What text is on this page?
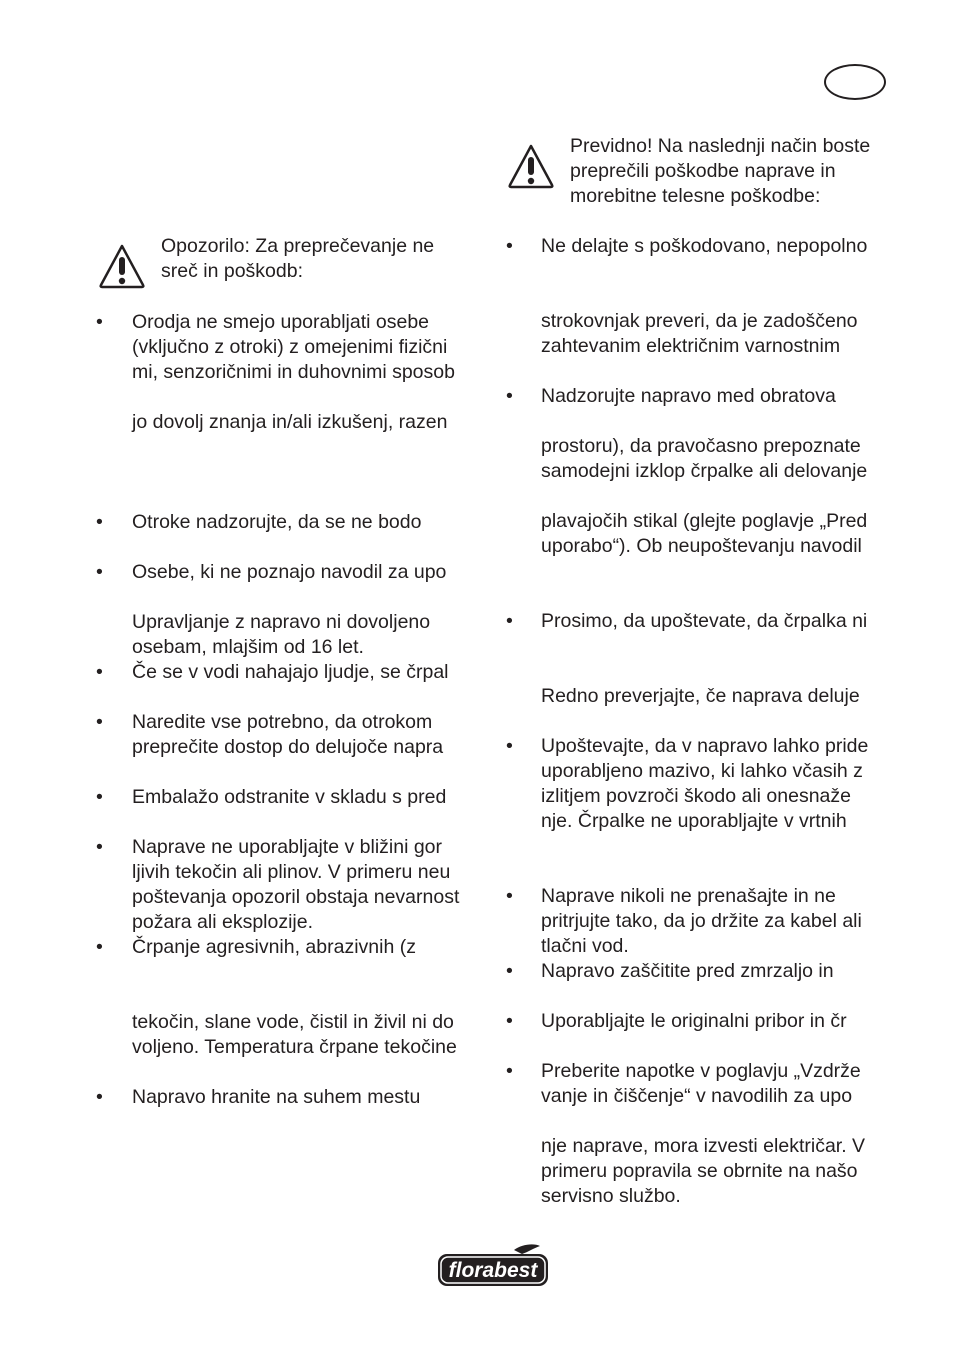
Opozorilo: Za preprečevanje ne
sreč in poškodb:
• Orodja ne smejo uporabljati osebe
(vključno z otroki) z omejenimi fizični
mi, senzoričnimi in duhovnimi sposob
jo dovolj znanja in/ali izkušenj, razen
• Otroke nadzorujte, da se ne bodo
• Osebe, ki ne poznajo navodil za upo
Upravljanje z napravo ni dovoljeno
osebam, mlajšim od 16 let.
• Če se v vodi nahajajo ljudje, se črpal
• Naredite vse potrebno, da otrokom
preprečite dostop do delujoče napra
• Embalažo odstranite v skladu s pred
• Naprave ne uporabljajte v bližini gor
ljivih tekočin ali plinov. V primeru neu
poštevanja opozoril obstaja nevarnost
požara ali eksplozije.
• Črpanje agresivnih, abrazivnih (z
tekočin, slane vode, čistil in živil ni do
voljeno. Temperatura črpane tekočine
• Napravo hranite na suhem mestu
Previdno! Na naslednji način boste
preprečili poškodbe naprave in
morebitne telesne poškodbe:
• Ne delajte s poškodovano, nepopolno
strokovnjak preveri, da je zadoščeno
zahtevanim električnim varnostnim
• Nadzorujte napravo med obratova
prostoru), da pravočasno prepoznate
samodejni izklop črpalke ali delovanje
plavajočih stikal (glejte poglavje „Pred
uporabo“). Ob neupoštevanju navodil
• Prosimo, da upoštevate, da črpalka ni
Redno preverjajte, če naprava deluje
• Upoštevajte, da v napravo lahko pride
uporabljeno mazivo, ki lahko včasih z
izlitjem povzroči škodo ali onesnaže
nje. Črpalke ne uporabljajte v vrtnih
• Naprave nikoli ne prenašajte in ne
pritrjujte tako, da jo držite za kabel ali
tlačni vod.
• Napravo zaščitite pred zmrzaljo in
• Uporabljajte le originalni pribor in čr
• Preberite napotke v poglavju „Vzdrže
vanje in čiščenje“ v navodilih za upo
nje naprave, mora izvesti električar. V
primeru popravila se obrnite na našo
servisno službo.
florabest
